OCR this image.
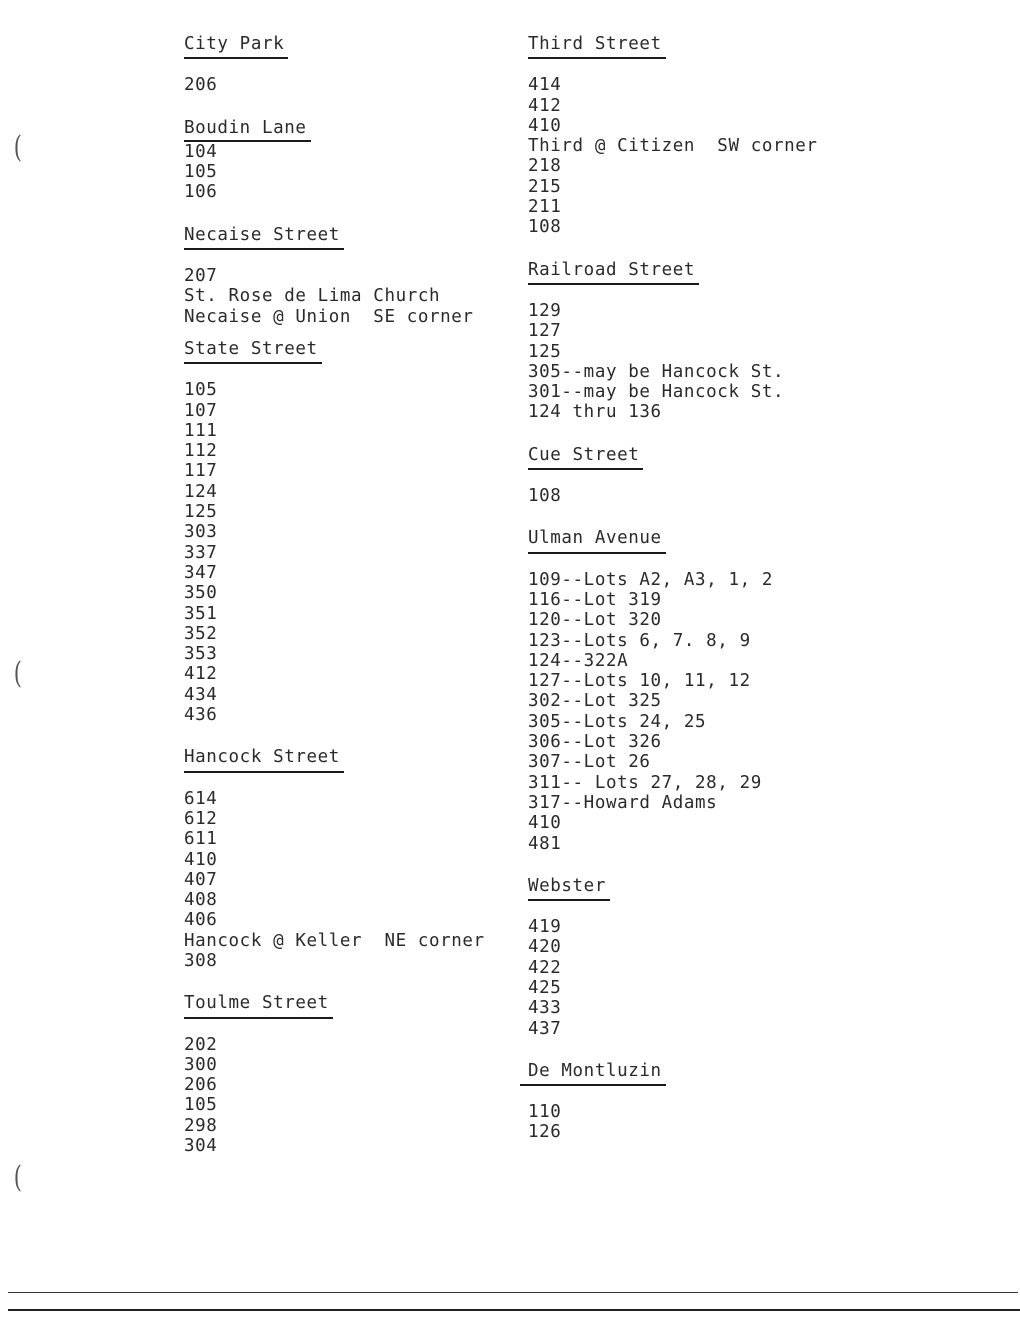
(
(
(
City Park
206
Boudin Lane
104
105
106
Necaise Street
207
St. Rose de Lima Church
Necaise @ Union  SE corner
State Street
105
107
111
112
117
124
125
303
337
347
350
351
352
353
412
434
436
Hancock Street
614
612
611
410
407
408
406
Hancock @ Keller  NE corner
308
Toulme Street
202
300
206
105
298
304
Third Street
414
412
410
Third @ Citizen  SW corner
218
215
211
108
Railroad Street
129
127
125
305--may be Hancock St.
301--may be Hancock St.
124 thru 136
Cue Street
108
Ulman Avenue
109--Lots A2, A3, 1, 2
116--Lot 319
120--Lot 320
123--Lots 6, 7. 8, 9
124--322A
127--Lots 10, 11, 12
302--Lot 325
305--Lots 24, 25
306--Lot 326
307--Lot 26
311-- Lots 27, 28, 29
317--Howard Adams
410
481
Webster
419
420
422
425
433
437
De Montluzin
110
126
